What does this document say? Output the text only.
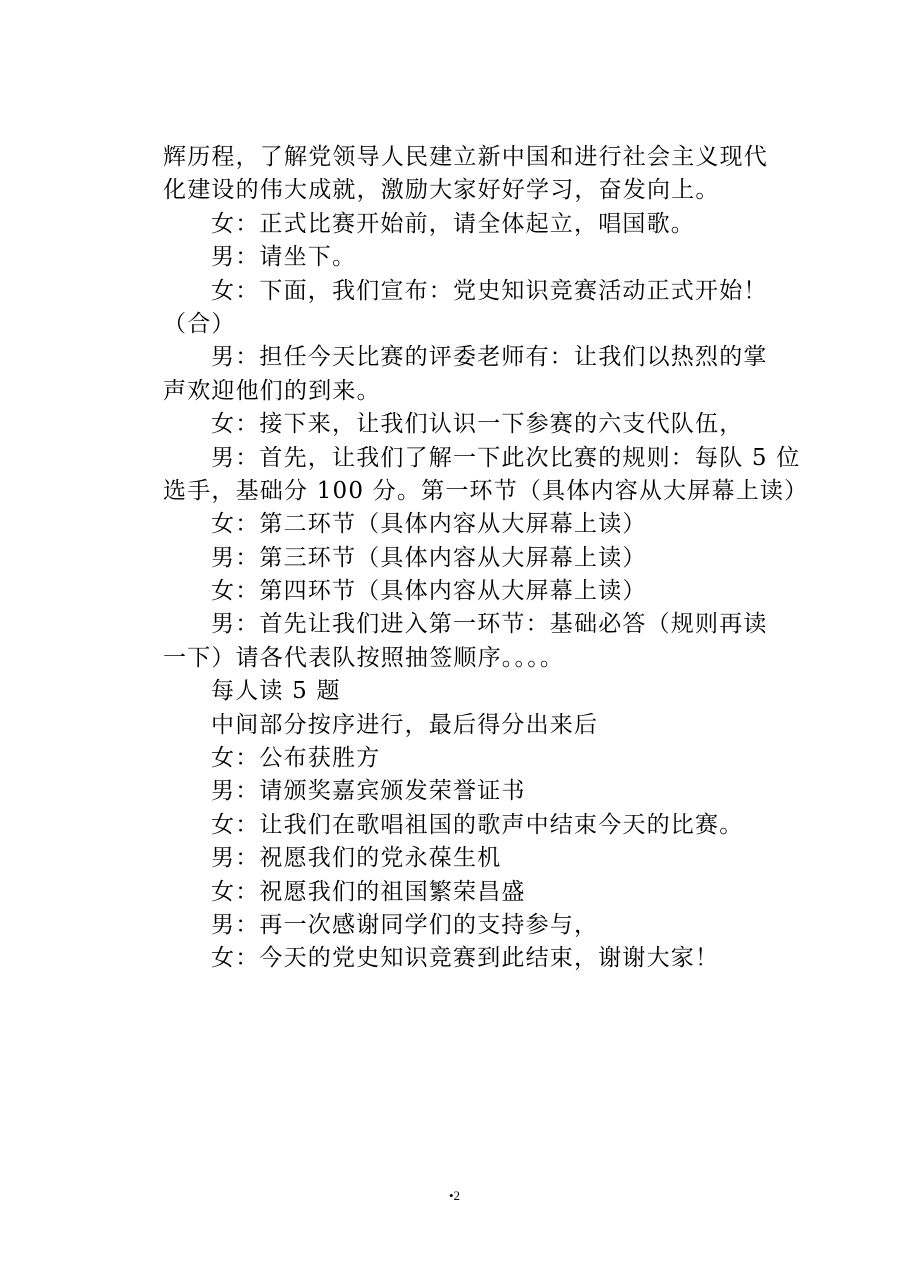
辉历程，了解党领导人民建立新中国和进行社会主义现代
化建设的伟大成就，激励大家好好学习，奋发向上。
女：正式比赛开始前，请全体起立，唱国歌。
男：请坐下。
女：下面，我们宣布：党史知识竞赛活动正式开始！
（合）
男：担任今天比赛的评委老师有：让我们以热烈的掌
声欢迎他们的到来。
女：接下来，让我们认识一下参赛的六支代队伍，
男：首先，让我们了解一下此次比赛的规则：每队 5 位
选手，基础分 100 分。第一环节（具体内容从大屏幕上读）
女：第二环节（具体内容从大屏幕上读）
男：第三环节（具体内容从大屏幕上读）
女：第四环节（具体内容从大屏幕上读）
男：首先让我们进入第一环节：基础必答（规则再读
一下）请各代表队按照抽签顺序。。。。
每人读 5 题
中间部分按序进行，最后得分出来后
女：公布获胜方
男：请颁奖嘉宾颁发荣誉证书
女：让我们在歌唱祖国的歌声中结束今天的比赛。
男：祝愿我们的党永葆生机
女：祝愿我们的祖国繁荣昌盛
男：再一次感谢同学们的支持参与，
女：今天的党史知识竞赛到此结束，谢谢大家！
•2
